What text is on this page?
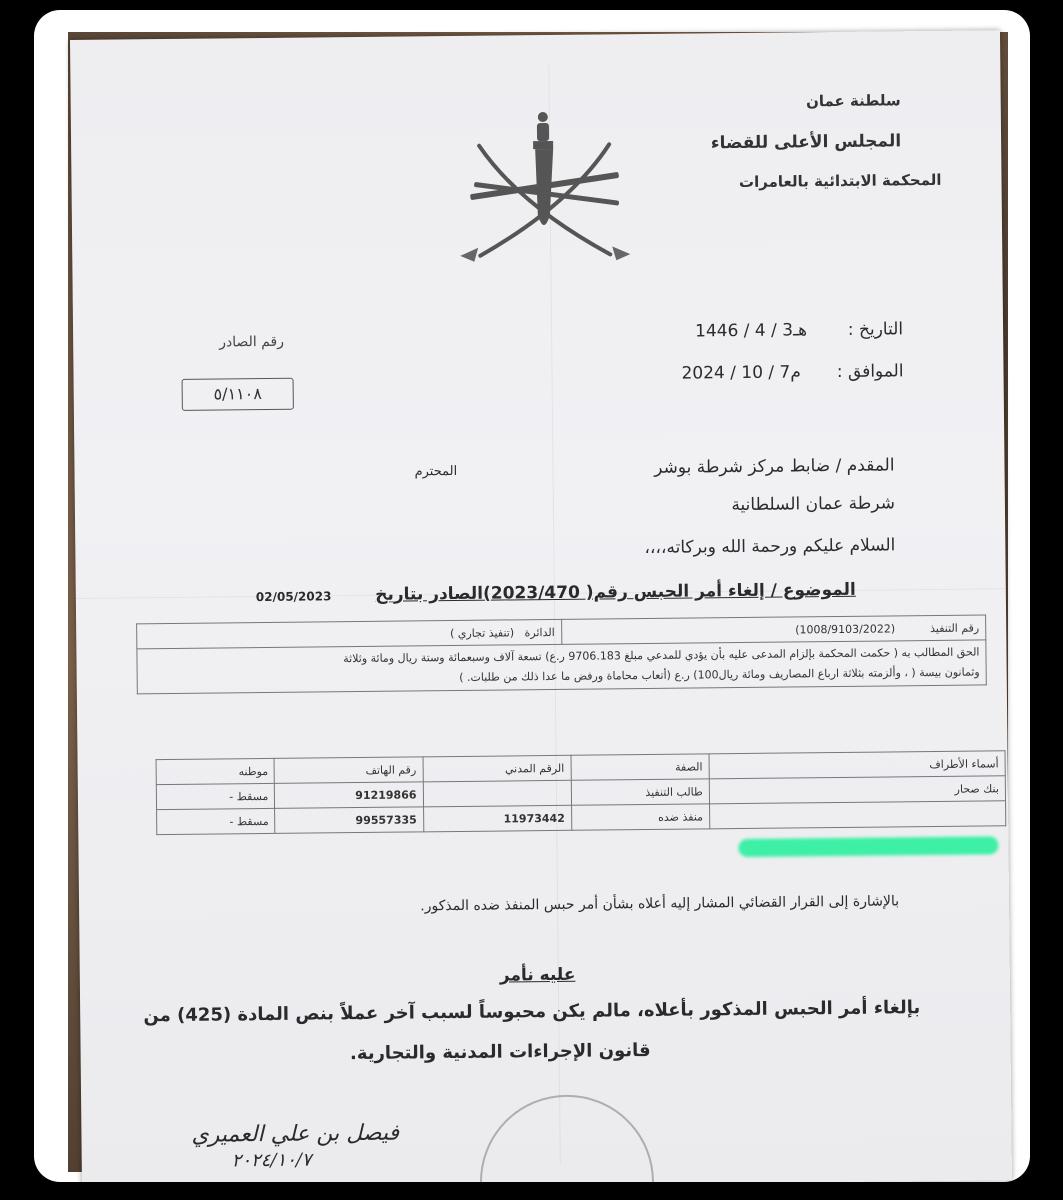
سلطنة عمان
المجلس الأعلى للقضاء
المحكمة الابتدائية بالعامرات
رقم الصادر
٥/١١٠٨
التاريخ :
1446 / 4 / 3هـ
الموافق :
2024 / 10 / 7م
المقدم / ضابط مركز شرطة بوشر
المحترم
شرطة عمان السلطانية
السلام عليكم ورحمة الله وبركاته،،،،
الموضوع / إلغاء أمر الحبس رقم( 2023/470)الصادر بتاريخ
02/05/2023
رقم التنفيذ          (1008/9103/2022)	الدائرة   (تنفيذ تجاري )
الحق المطالب به ( حكمت المحكمة بإلزام المدعى عليه بأن يؤدي للمدعي مبلغ 9706.183 ر.ع) تسعة آلاف وسبعمائة وستة ريال ومائة وثلاثة
وثمانون بيسة ( ، وألزمته بثلاثة ارباع المصاريف ومائة ريال100) ر.ع (أتعاب محاماة ورفض ما عدا ذلك من طلبات. )
أسماء الأطراف	الصفة	الرقم المدني	رقم الهاتف	موطنه
بنك صحار	طالب التنفيذ		91219866	مسقط -
	منفذ ضده	11973442	99557335	مسقط -
بالإشارة إلى القرار القضائي المشار إليه أعلاه بشأن أمر حبس المنفذ ضده المذكور.
عليه نأمر
بإلغاء أمر الحبس المذكور بأعلاه، مالم يكن محبوساً لسبب آخر عملاً بنص المادة (425) من
قانون الإجراءات المدنية والتجارية.
فيصل بن علي العميري
٢٠٢٤/١٠/٧
